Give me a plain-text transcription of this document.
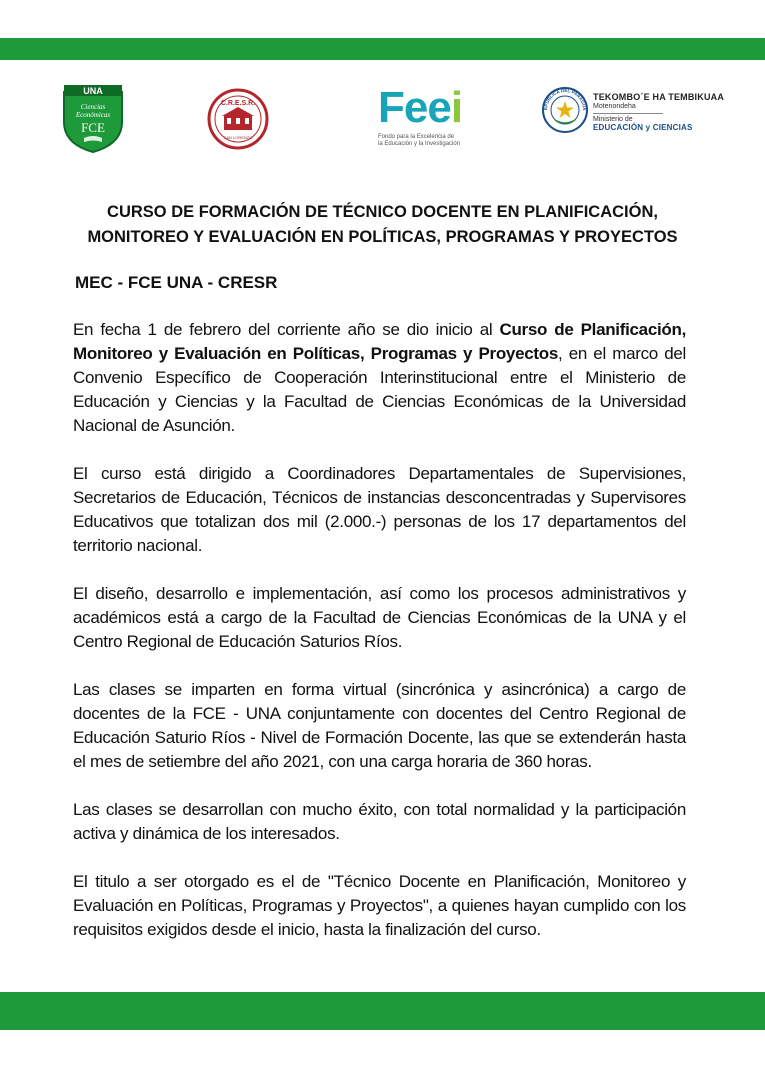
UNA
Ciencias
Económicas
FCE
C.R.E.S.R.
SAN LORENZO
Feei
Fondo para la Excelencia de
la Educación y la Investigación
EPÚBLICA DEL PARAGUA
TEKOMBO´E HA TEMBIKUAA
Motenondeha
Ministerio de
EDUCACIÓN y CIENCIAS
CURSO DE FORMACIÓN DE TÉCNICO DOCENTE EN PLANIFICACIÓN,
MONITOREO Y EVALUACIÓN EN POLÍTICAS, PROGRAMAS Y PROYECTOS
MEC - FCE UNA - CRESR

En fecha 1 de febrero del corriente año se dio inicio al Curso de Planificación, Monitoreo y Evaluación en Políticas, Programas y Proyectos, en el marco del Convenio Específico de Cooperación Interinstitucional entre el Ministerio de Educación y Ciencias y la Facultad de Ciencias Económicas de la Universidad Nacional de Asunción.

El curso está dirigido a Coordinadores Departamentales de Supervisiones, Secretarios de Educación, Técnicos de instancias desconcentradas y Supervisores Educativos que totalizan dos mil (2.000.-) personas de los 17 departamentos del territorio nacional.

El diseño, desarrollo e implementación, así como los procesos administrativos y académicos está a cargo de la Facultad de Ciencias Económicas de la UNA y el Centro Regional de Educación Saturios Ríos.

Las clases se imparten en forma virtual (sincrónica y asincrónica) a cargo de docentes de la FCE - UNA conjuntamente con docentes del Centro Regional de Educación Saturio Ríos - Nivel de Formación Docente, las que se extenderán hasta el mes de setiembre del año 2021, con una carga horaria de 360 horas.

Las clases se desarrollan con mucho éxito, con total normalidad y la participación activa y dinámica de los interesados.

El titulo a ser otorgado es el de "Técnico Docente en Planificación, Monitoreo y Evaluación en Políticas, Programas y Proyectos", a quienes hayan cumplido con los requisitos exigidos desde el inicio, hasta la finalización del curso.
